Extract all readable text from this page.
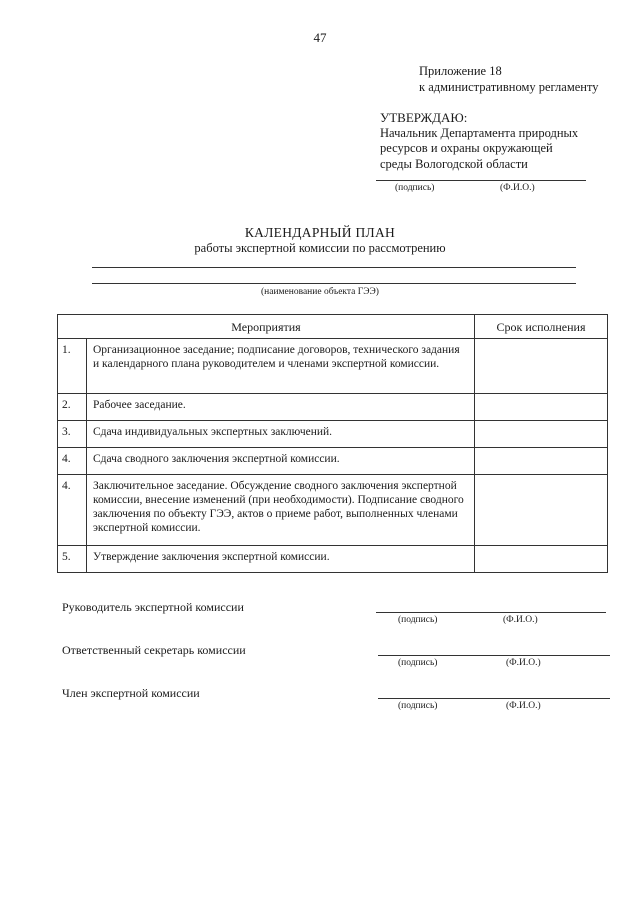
47
Приложение 18
к административному регламенту
УТВЕРЖДАЮ:
Начальник Департамента природных
ресурсов и охраны окружающей
среды Вологодской области
(подпись)	(Ф.И.О.)
КАЛЕНДАРНЫЙ ПЛАН
работы экспертной комиссии по рассмотрению
(наименование объекта ГЭЭ)
Мероприятия		Срок исполнения
1.	Организационное заседание; подписание договоров, технического задания и календарного плана руководителем и членами экспертной комиссии.	
2.	Рабочее заседание.	
3.	Сдача индивидуальных экспертных заключений.	
4.	Сдача сводного заключения экспертной комиссии.	
4.	Заключительное заседание. Обсуждение сводного заключения экспертной комиссии, внесение изменений (при необходимости). Подписание сводного заключения по объекту ГЭЭ, актов о приеме работ, выполненных членами экспертной комиссии.	
5.	Утверждение заключения экспертной комиссии.	
Руководитель экспертной комиссии
(подпись)	(Ф.И.О.)
Ответственный секретарь комиссии
(подпись)	(Ф.И.О.)
Член экспертной комиссии
(подпись)	(Ф.И.О.)
